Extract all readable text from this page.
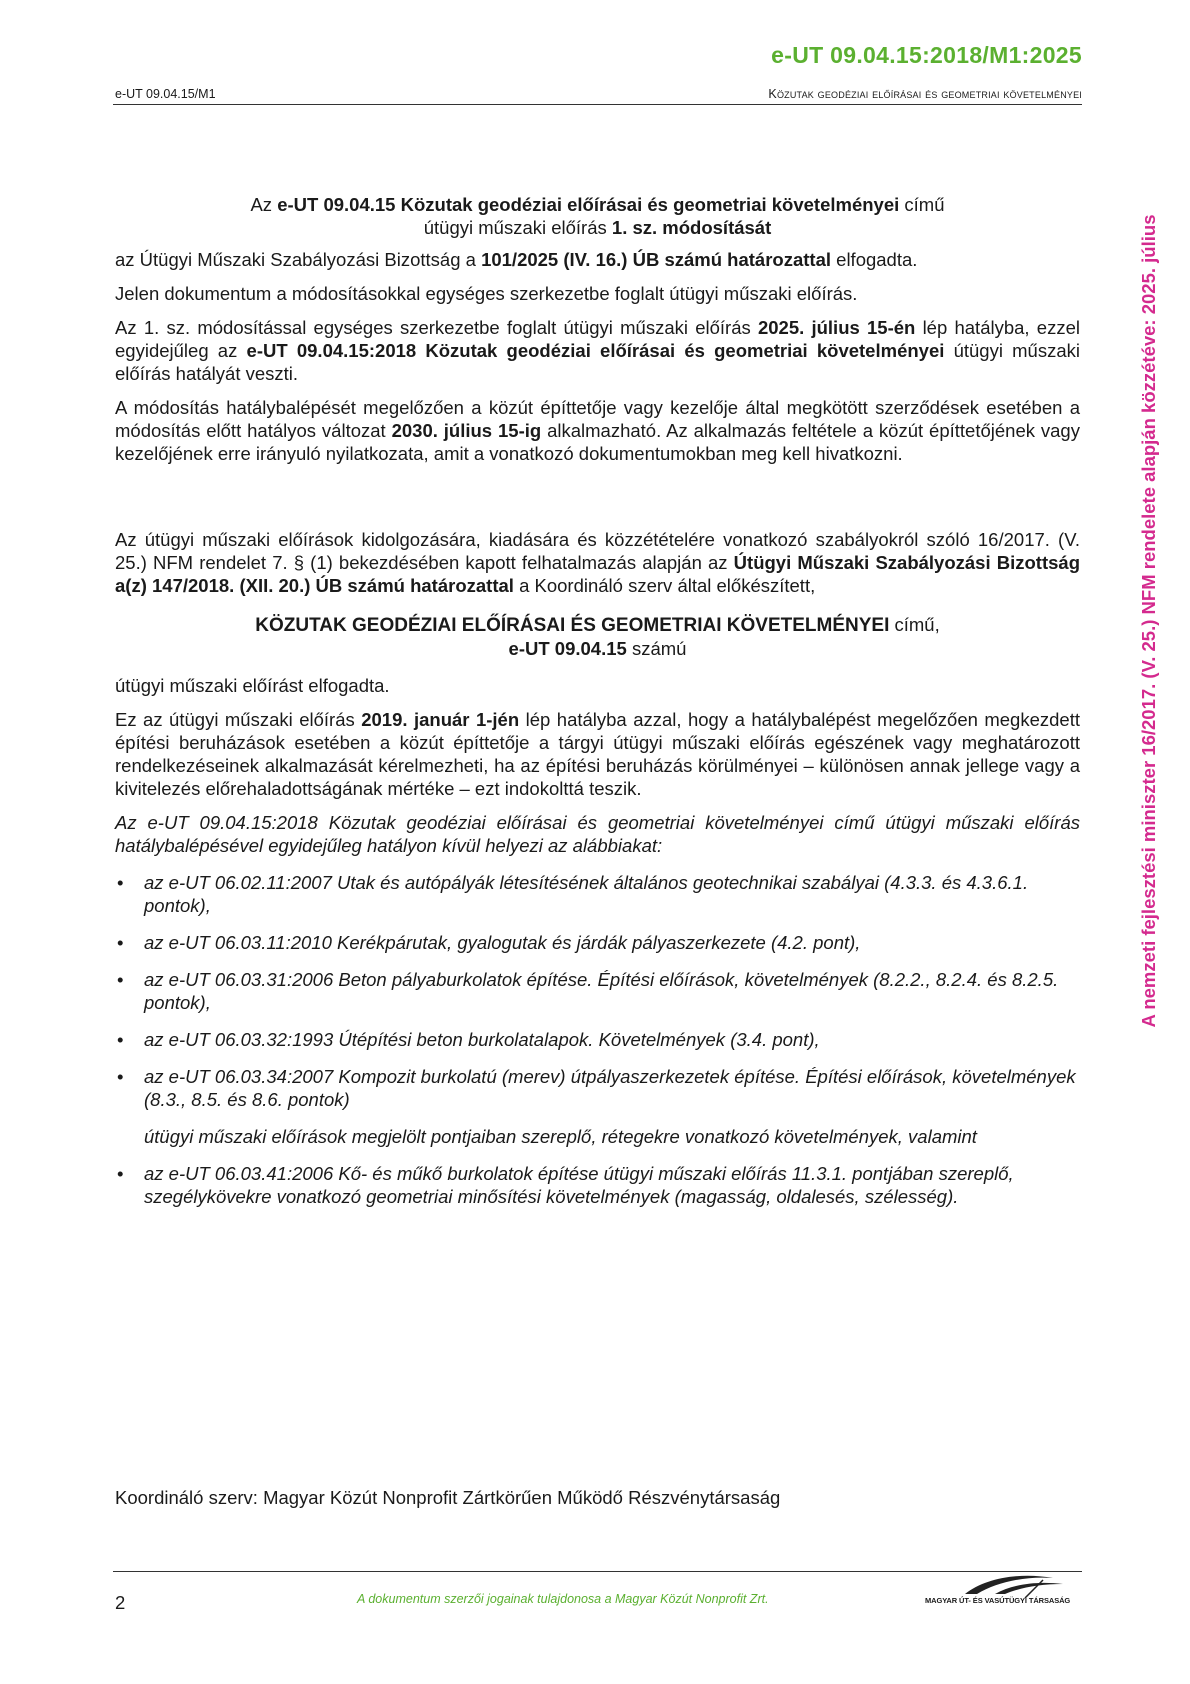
e-UT 09.04.15:2018/M1:2025
e-UT 09.04.15/M1	Közutak geodéziai előírásai és geometriai követelményei
A nemzeti fejlesztési miniszter 16/2017. (V. 25.) NFM rendelete alapján közzétéve: 2025. július

Az e-UT 09.04.15 Közutak geodéziai előírásai és geometriai követelményei című
útügyi műszaki előírás 1. sz. módosítását

az Útügyi Műszaki Szabályozási Bizottság a 101/2025 (IV. 16.) ÚB számú határozattal elfogadta.

Jelen dokumentum a módosításokkal egységes szerkezetbe foglalt útügyi műszaki előírás.

Az 1. sz. módosítással egységes szerkezetbe foglalt útügyi műszaki előírás 2025. július 15-én lép hatályba, ezzel egyidejűleg az e-UT 09.04.15:2018 Közutak geodéziai előírásai és geometriai követelményei útügyi műszaki előírás hatályát veszti.

A módosítás hatálybalépését megelőzően a közút építtetője vagy kezelője által megkötött szerződések esetében a módosítás előtt hatályos változat 2030. július 15-ig alkalmazható. Az alkalmazás feltétele a közút építtetőjének vagy kezelőjének erre irányuló nyilatkozata, amit a vonatkozó dokumentumokban meg kell hivatkozni.

Az útügyi műszaki előírások kidolgozására, kiadására és közzétételére vonatkozó szabályokról szóló 16/2017. (V. 25.) NFM rendelet 7. § (1) bekezdésében kapott felhatalmazás alapján az Útügyi Műszaki Szabályozási Bizottság a(z) 147/2018. (XII. 20.) ÚB számú határozattal a Koordináló szerv által előkészített,

KÖZUTAK GEODÉZIAI ELŐÍRÁSAI ÉS GEOMETRIAI KÖVETELMÉNYEI című,
e-UT 09.04.15 számú

útügyi műszaki előírást elfogadta.

Ez az útügyi műszaki előírás 2019. január 1-jén lép hatályba azzal, hogy a hatálybalépést megelőzően megkezdett építési beruházások esetében a közút építtetője a tárgyi útügyi műszaki előírás egészének vagy meghatározott rendelkezéseinek alkalmazását kérelmezheti, ha az építési beruházás körülményei – különösen annak jellege vagy a kivitelezés előrehaladottságának mértéke – ezt indokolttá teszik.

Az e-UT 09.04.15:2018 Közutak geodéziai előírásai és geometriai követelményei című útügyi műszaki előírás hatálybalépésével egyidejűleg hatályon kívül helyezi az alábbiakat:

• az e-UT 06.02.11:2007 Utak és autópályák létesítésének általános geotechnikai szabályai (4.3.3. és 4.3.6.1. pontok),
• az e-UT 06.03.11:2010 Kerékpárutak, gyalogutak és járdák pályaszerkezete (4.2. pont),
• az e-UT 06.03.31:2006 Beton pályaburkolatok építése. Építési előírások, követelmények (8.2.2., 8.2.4. és 8.2.5. pontok),
• az e-UT 06.03.32:1993 Útépítési beton burkolatalapok. Követelmények (3.4. pont),
• az e-UT 06.03.34:2007 Kompozit burkolatú (merev) útpályaszerkezetek építése. Építési előírások, követelmények (8.3., 8.5. és 8.6. pontok)
útügyi műszaki előírások megjelölt pontjaiban szereplő, rétegekre vonatkozó követelmények, valamint
• az e-UT 06.03.41:2006 Kő- és műkő burkolatok építése útügyi műszaki előírás 11.3.1. pontjában szereplő, szegélykövekre vonatkozó geometriai minősítési követelmények (magasság, oldalesés, szélesség).
Koordináló szerv: Magyar Közút Nonprofit Zártkörűen Működő Részvénytársaság
2	A dokumentum szerzői jogainak tulajdonosa a Magyar Közút Nonprofit Zrt.	MAGYAR ÚT- ÉS VASÚTÜGYI TÁRSASÁG
